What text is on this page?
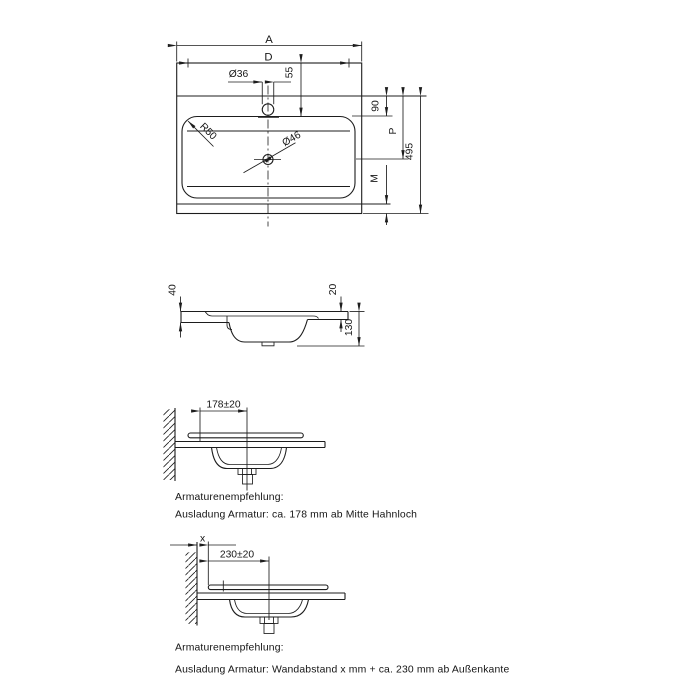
A
D
Ø36	55
90
P
495
M
R50	Ø46
40	20
130
178±20
Armaturenempfehlung:
Ausladung Armatur: ca. 178 mm ab Mitte Hahnloch
x
230±20
Armaturenempfehlung:
Ausladung Armatur: Wandabstand x mm + ca. 230 mm ab Außenkante
